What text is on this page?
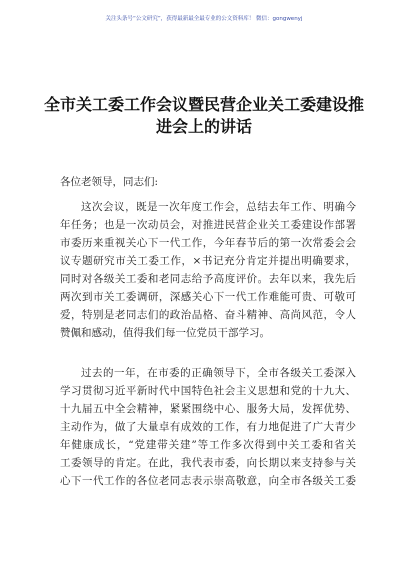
关注头条号“公文研究”，获得最新最全最专业的公文资料库！ 微信：gongwenyj
全市关工委工作会议暨民营企业关工委建设推
进会上的讲话

各位老领导，同志们:

这次会议，既是一次年度工作会，总结去年工作、明确今
年任务；也是一次动员会，对推进民营企业关工委建设作部署
市委历来重视关心下一代工作，今年春节后的第一次常委会会
议专题研究市关工委工作，×书记充分肯定并提出明确要求，
同时对各级关工委和老同志给予高度评价。去年以来，我先后
两次到市关工委调研，深感关心下一代工作难能可贵、可敬可
爱，特别是老同志们的政治品格、奋斗精神、高尚风范，令人
赞佩和感动，值得我们每一位党员干部学习。

过去的一年，在市委的正确领导下，全市各级关工委深入
学习贯彻习近平新时代中国特色社会主义思想和党的十九大、
十九届五中全会精神，紧紧围绕中心、服务大局，发挥优势、
主动作为，做了大量卓有成效的工作，有力地促进了广大青少
年健康成长，“党建带关建”等工作多次得到中关工委和省关
工委领导的肯定。在此，我代表市委，向长期以来支持参与关
心下一代工作的各位老同志表示崇高敬意，向全市各级关工委
